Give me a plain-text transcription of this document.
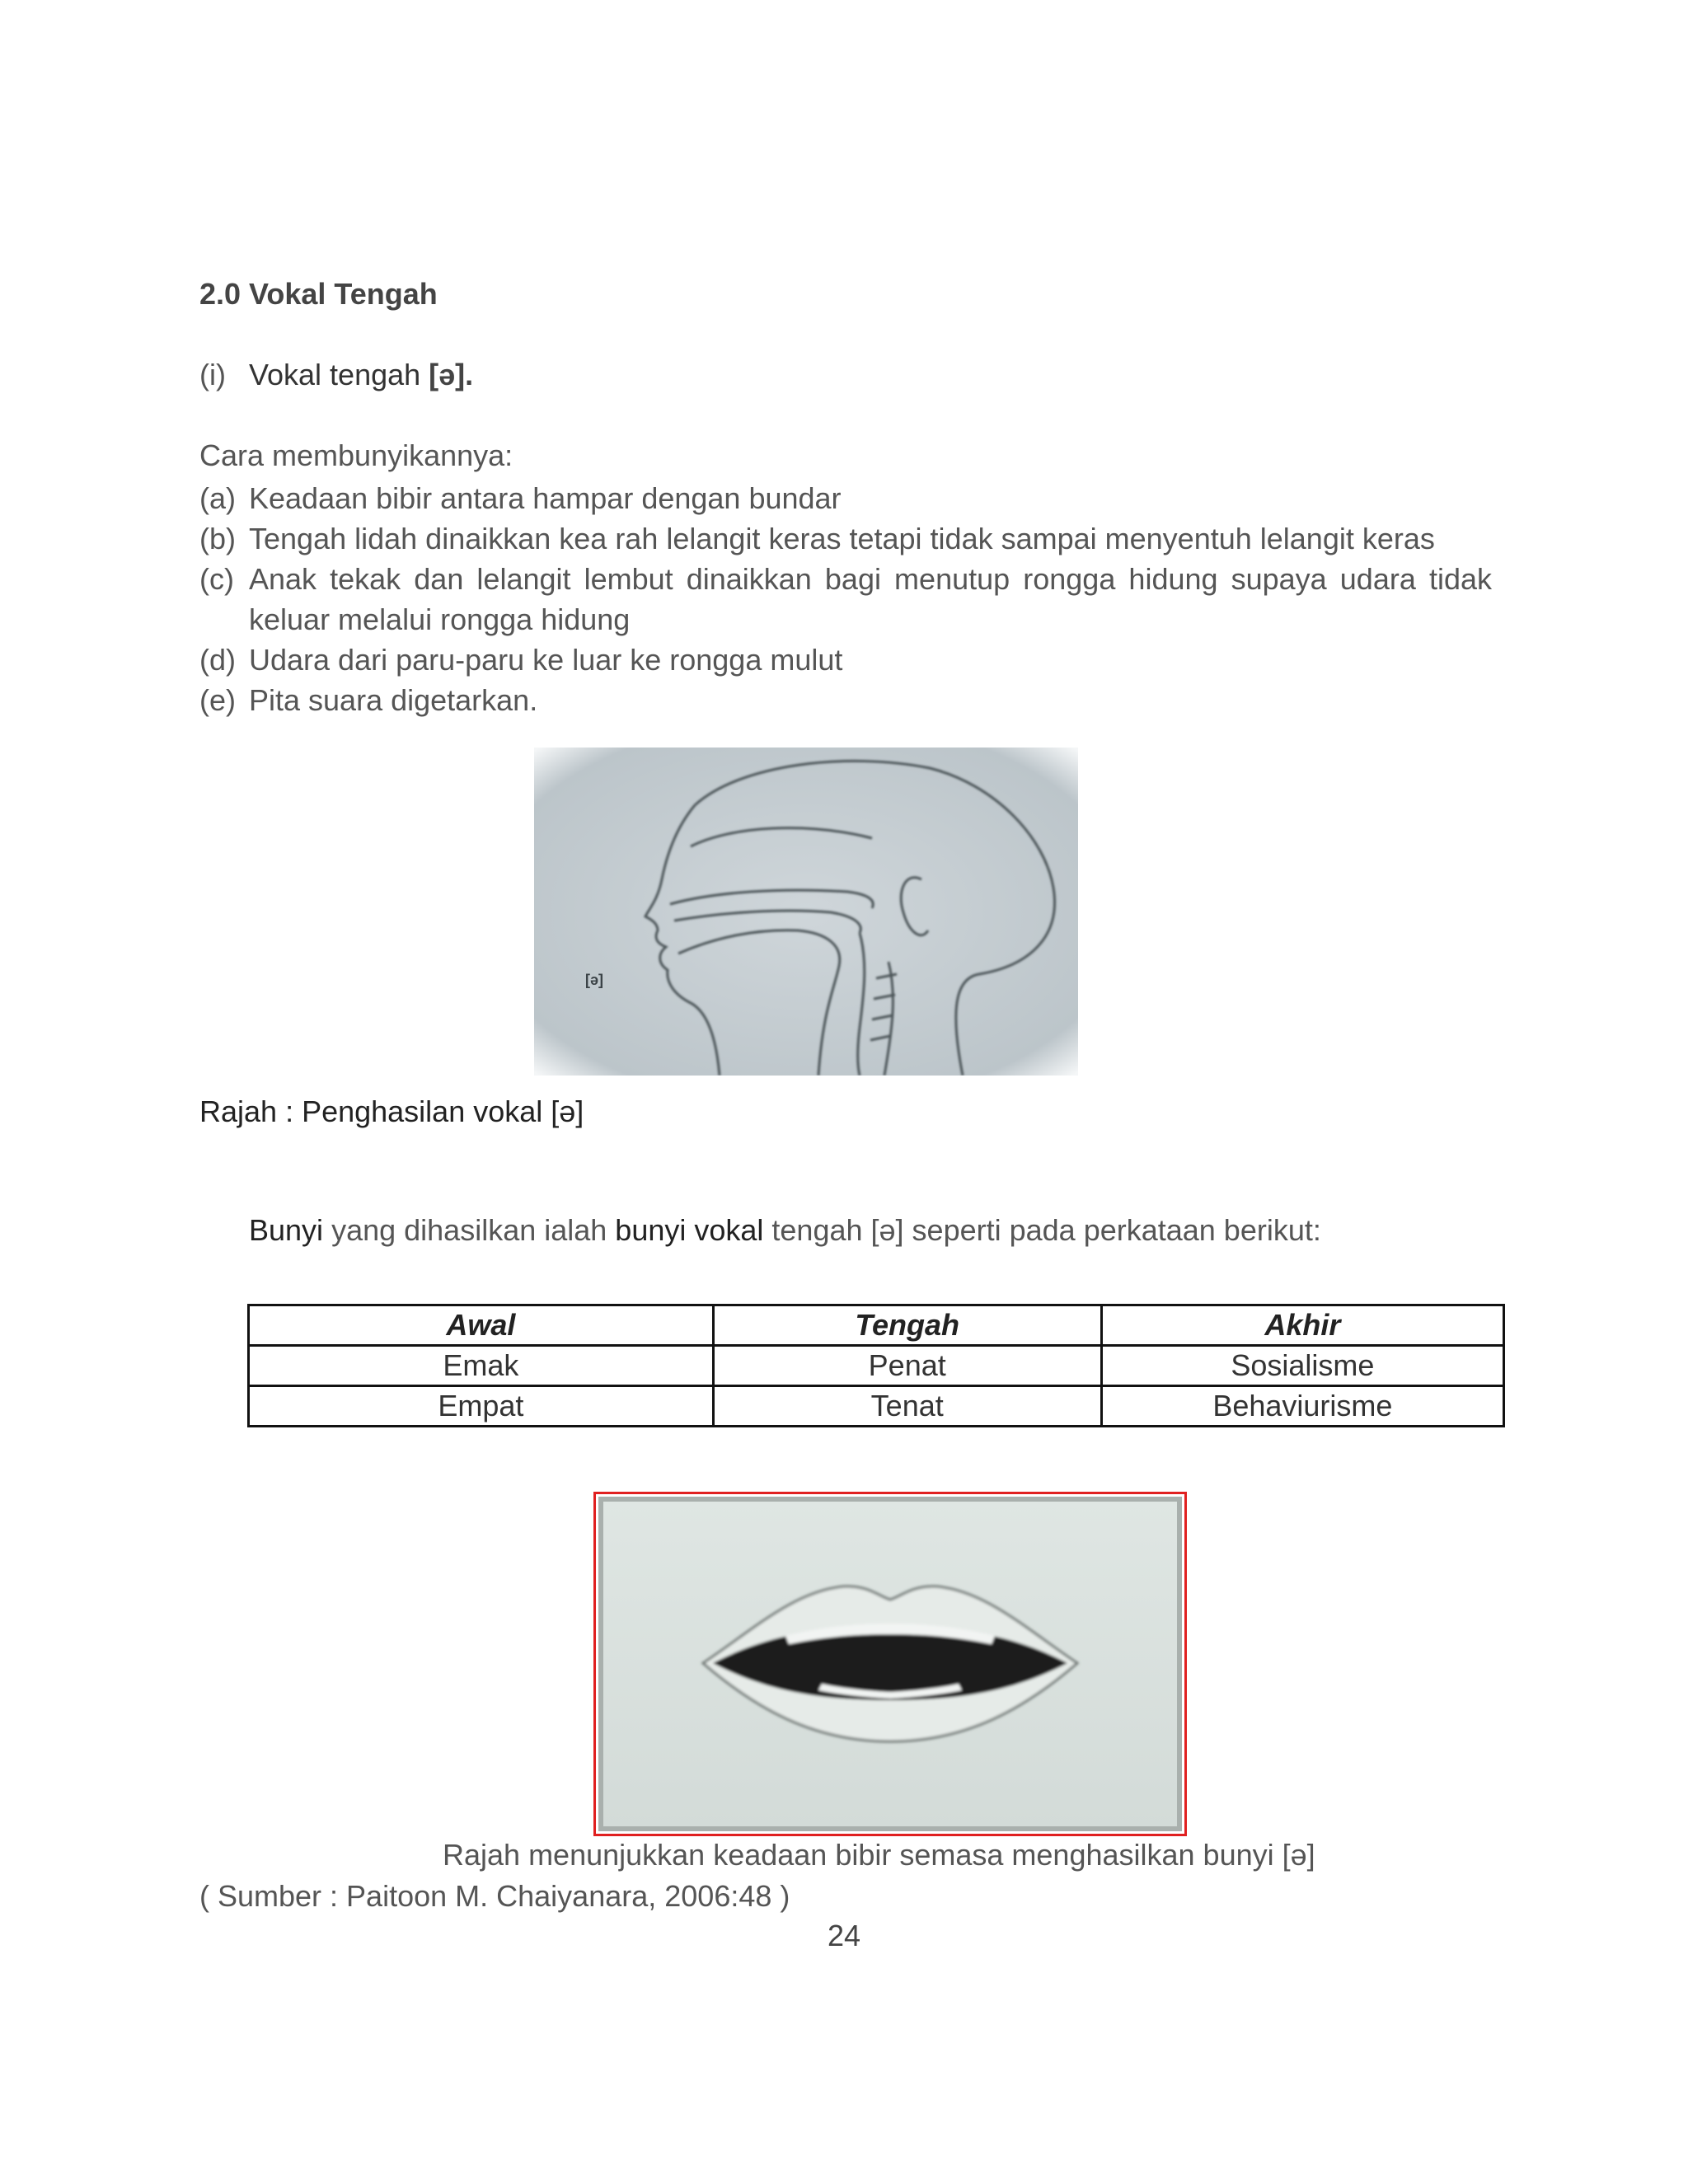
2.0 Vokal Tengah
(i) Vokal tengah [ə].
Cara membunyikannya:
(a) Keadaan bibir antara hampar dengan bundar
(b) Tengah lidah dinaikkan kea rah lelangit keras tetapi tidak sampai menyentuh lelangit keras
(c) Anak tekak dan lelangit lembut dinaikkan bagi menutup rongga hidung supaya udara tidak keluar melalui rongga hidung
(d) Udara dari paru-paru ke luar ke rongga mulut
(e) Pita suara digetarkan.
[ə]
Rajah : Penghasilan vokal [ə]
Bunyi yang dihasilkan ialah bunyi vokal tengah [ə] seperti pada perkataan berikut:
Awal	Tengah	Akhir
Emak	Penat	Sosialisme
Empat	Tenat	Behaviurisme
Rajah menunjukkan keadaan bibir semasa menghasilkan bunyi [ə]
( Sumber : Paitoon M. Chaiyanara, 2006:48 )
24
